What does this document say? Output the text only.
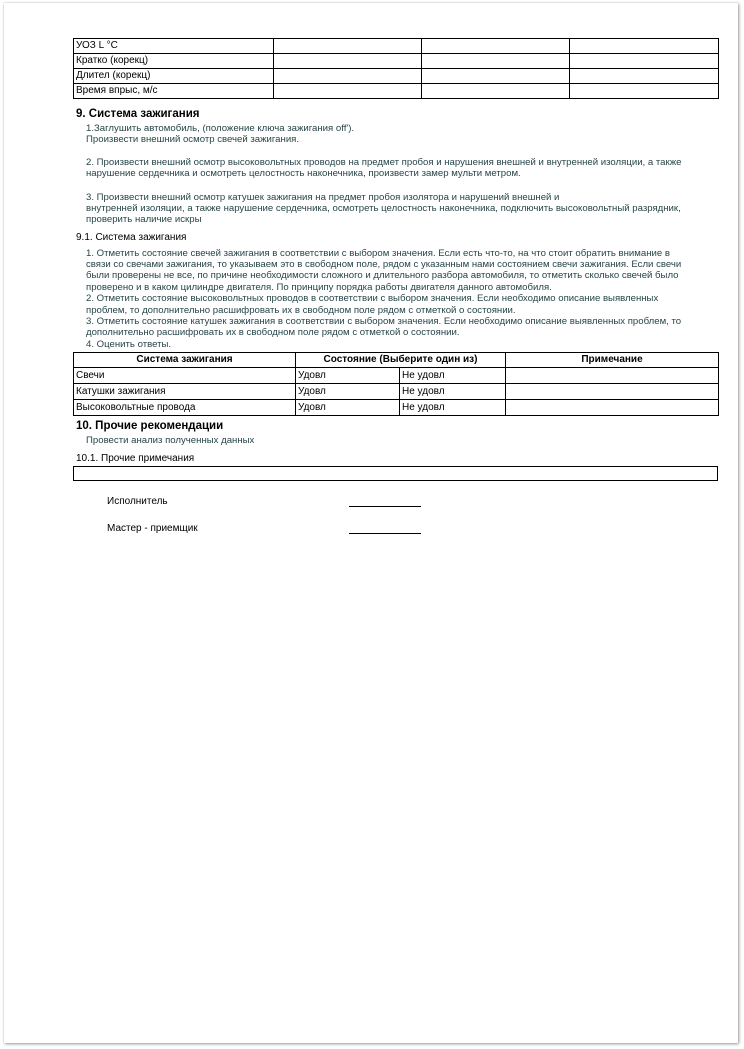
УОЗ L °C			
Кратко (корекц)			
Длител (корекц)			
Время впрыс, м/с			
9. Система зажигания
1.Заглушить автомобиль, (положение ключа зажигания off').
Произвести внешний осмотр свечей зажигания.
2. Произвести внешний осмотр высоковольтных проводов на предмет пробоя и нарушения внешней и внутренней изоляции, а также
нарушение сердечника и осмотреть целостность наконечника, произвести замер мульти метром.
3. Произвести внешний осмотр катушек зажигания на предмет пробоя изолятора и нарушений внешней и
внутренней изоляции, а также нарушение сердечника, осмотреть целостность наконечника, подключить высоковольтный разрядник,
проверить наличие искры
9.1. Система зажигания
1. Отметить состояние свечей зажигания в соответствии с выбором значения. Если есть что-то, на что стоит обратить внимание в
связи со свечами зажигания, то указываем это в свободном поле, рядом с указанным нами состоянием свечи зажигания. Если свечи
были проверены не все, по причине необходимости сложного и длительного разбора автомобиля, то отметить сколько свечей было
проверено и в каком цилиндре двигателя. По принципу порядка работы двигателя данного автомобиля.
2. Отметить состояние высоковольтных проводов в соответствии с выбором значения. Если необходимо описание выявленных
проблем, то дополнительно расшифровать их в свободном поле рядом с отметкой о состоянии.
3. Отметить состояние катушек зажигания в соответствии с выбором значения. Если необходимо описание выявленных проблем, то
дополнительно расшифровать их в свободном поле рядом с отметкой о состоянии.
4. Оценить ответы.
Система зажигания	Состояние (Выберите один из)		Примечание
Свечи	Удовл	Не удовл	
Катушки зажигания	Удовл	Не удовл	
Высоковольтные провода	Удовл	Не удовл	
10. Прочие рекомендации
Провести анализ полученных данных
10.1. Прочие примечания
Исполнитель
Мастер - приемщик
